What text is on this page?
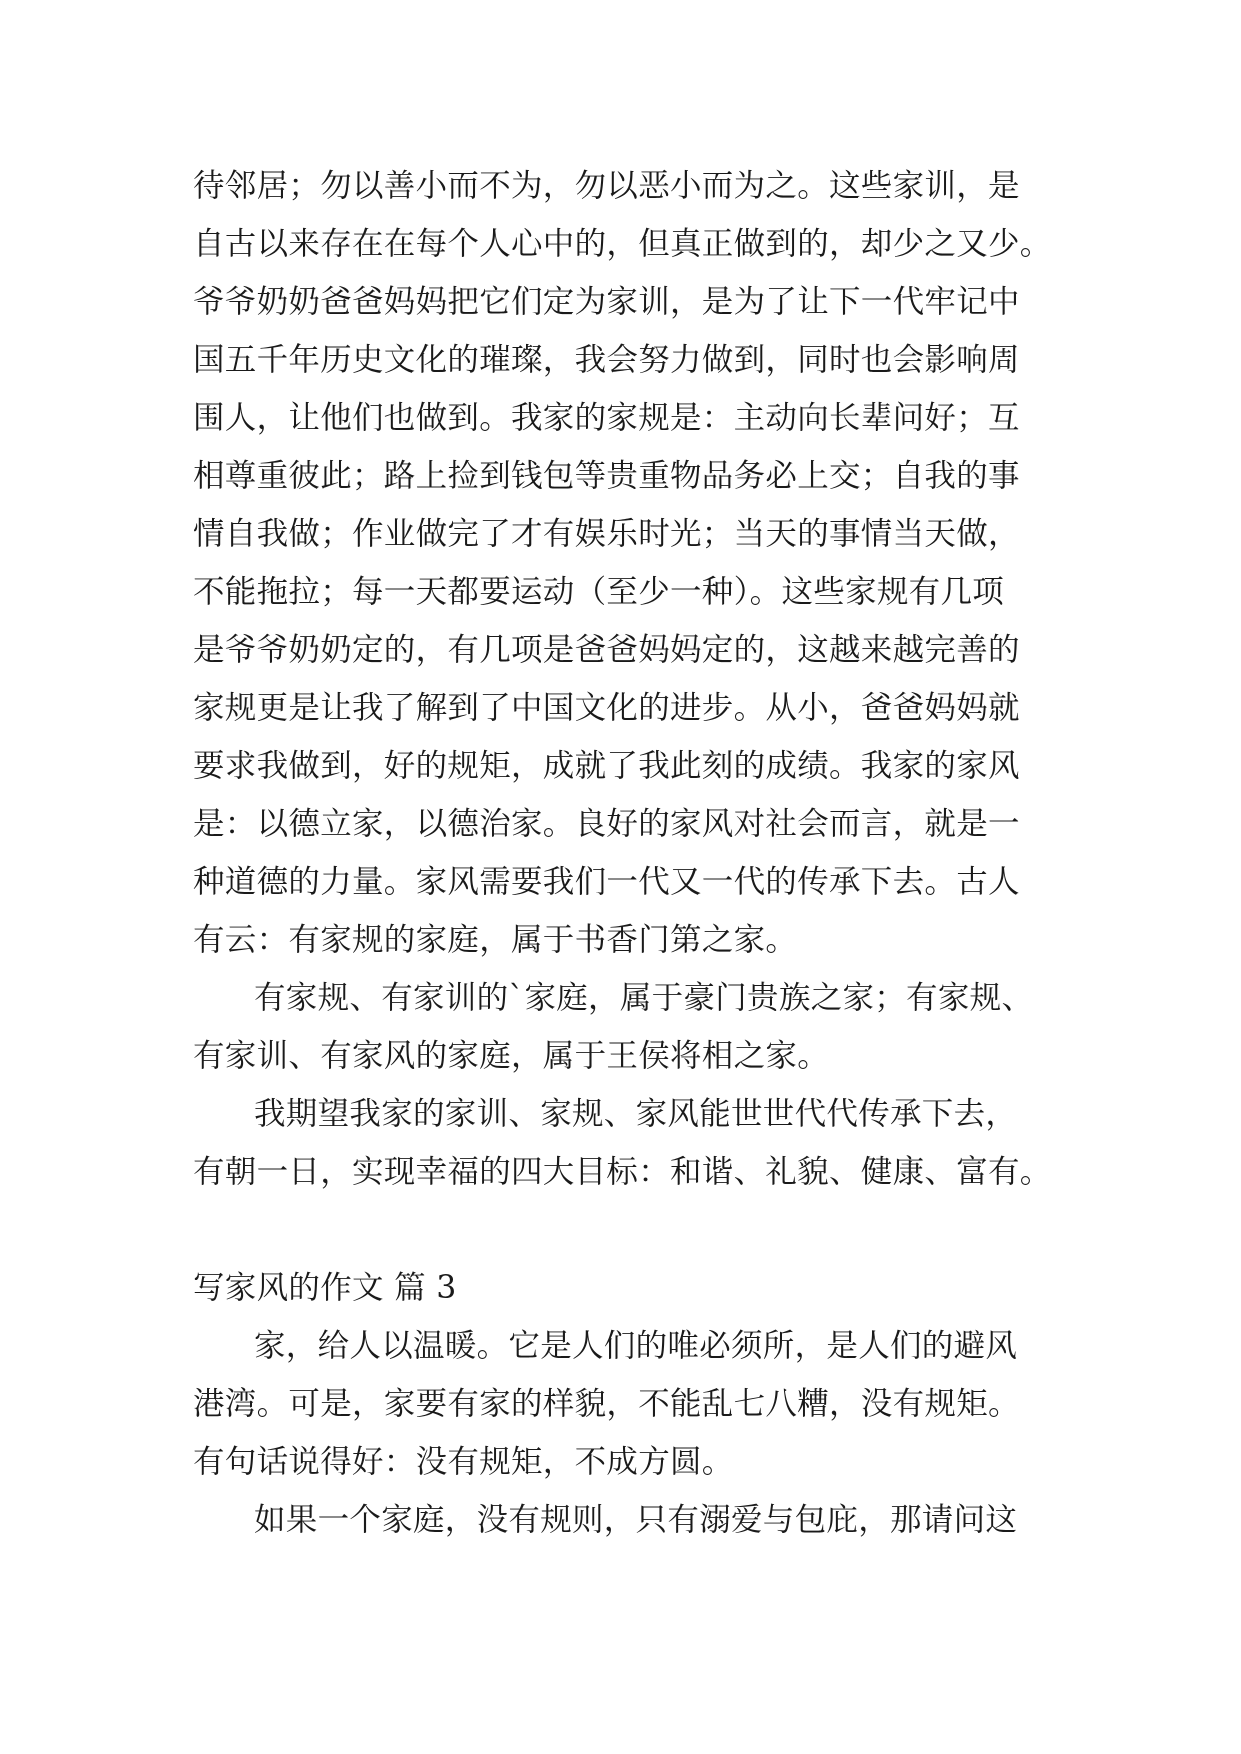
待邻居；勿以善小而不为，勿以恶小而为之。这些家训，是

自古以来存在在每个人心中的，但真正做到的，却少之又少。

爷爷奶奶爸爸妈妈把它们定为家训，是为了让下一代牢记中

国五千年历史文化的璀璨，我会努力做到，同时也会影响周

围人，让他们也做到。我家的家规是：主动向长辈问好；互

相尊重彼此；路上捡到钱包等贵重物品务必上交；自我的事

情自我做；作业做完了才有娱乐时光；当天的事情当天做，

不能拖拉；每一天都要运动（至少一种）。这些家规有几项

是爷爷奶奶定的，有几项是爸爸妈妈定的，这越来越完善的

家规更是让我了解到了中国文化的进步。从小，爸爸妈妈就

要求我做到，好的规矩，成就了我此刻的成绩。我家的家风

是：以德立家，以德治家。良好的家风对社会而言，就是一

种道德的力量。家风需要我们一代又一代的传承下去。古人

有云：有家规的家庭，属于书香门第之家。

有家规、有家训的`家庭，属于豪门贵族之家；有家规、

有家训、有家风的家庭，属于王侯将相之家。

我期望我家的家训、家规、家风能世世代代传承下去，

有朝一日，实现幸福的四大目标：和谐、礼貌、健康、富有。

写家风的作文 篇 3

家，给人以温暖。它是人们的唯必须所，是人们的避风

港湾。可是，家要有家的样貌，不能乱七八糟，没有规矩。

有句话说得好：没有规矩，不成方圆。

如果一个家庭，没有规则，只有溺爱与包庇，那请问这
